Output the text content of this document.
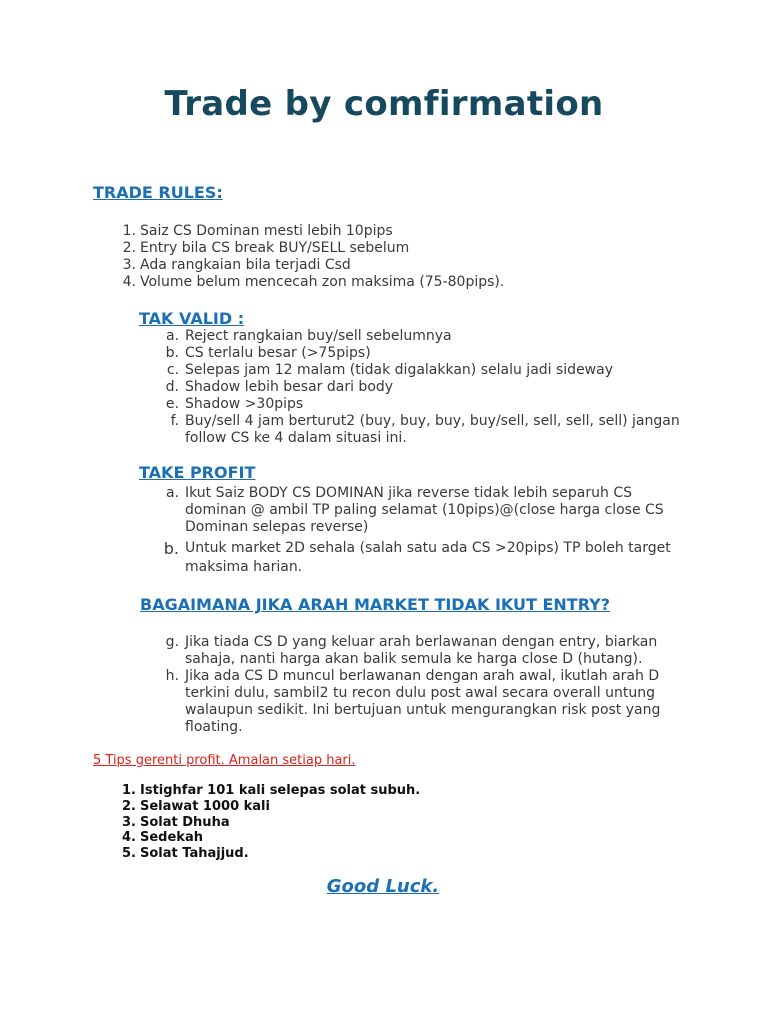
Trade by comfirmation
TRADE RULES:
1. Saiz CS Dominan mesti lebih 10pips
2. Entry bila CS break BUY/SELL sebelum
3. Ada rangkaian bila terjadi Csd
4. Volume belum mencecah zon maksima (75-80pips).
TAK VALID :
a. Reject rangkaian buy/sell sebelumnya
b. CS terlalu besar (>75pips)
c. Selepas jam 12 malam (tidak digalakkan) selalu jadi sideway
d. Shadow lebih besar dari body
e. Shadow >30pips
f. Buy/sell 4 jam berturut2 (buy, buy, buy, buy/sell, sell, sell, sell) jangan follow CS ke 4 dalam situasi ini.
TAKE PROFIT
a. Ikut Saiz BODY CS DOMINAN jika reverse tidak lebih separuh CS dominan @ ambil TP paling selamat (10pips)@(close harga close CS Dominan selepas reverse)
b. Untuk market 2D sehala (salah satu ada CS >20pips) TP boleh target maksima harian.
BAGAIMANA JIKA ARAH MARKET TIDAK IKUT ENTRY?
g. Jika tiada CS D yang keluar arah berlawanan dengan entry, biarkan sahaja, nanti harga akan balik semula ke harga close D (hutang).
h. Jika ada CS D muncul berlawanan dengan arah awal, ikutlah arah D terkini dulu, sambil2 tu recon dulu post awal secara overall untung walaupun sedikit. Ini bertujuan untuk mengurangkan risk post yang floating.
5 Tips gerenti profit. Amalan setiap hari.
1. Istighfar 101 kali selepas solat subuh.
2. Selawat 1000 kali
3. Solat Dhuha
4. Sedekah
5. Solat Tahajjud.
Good Luck.
